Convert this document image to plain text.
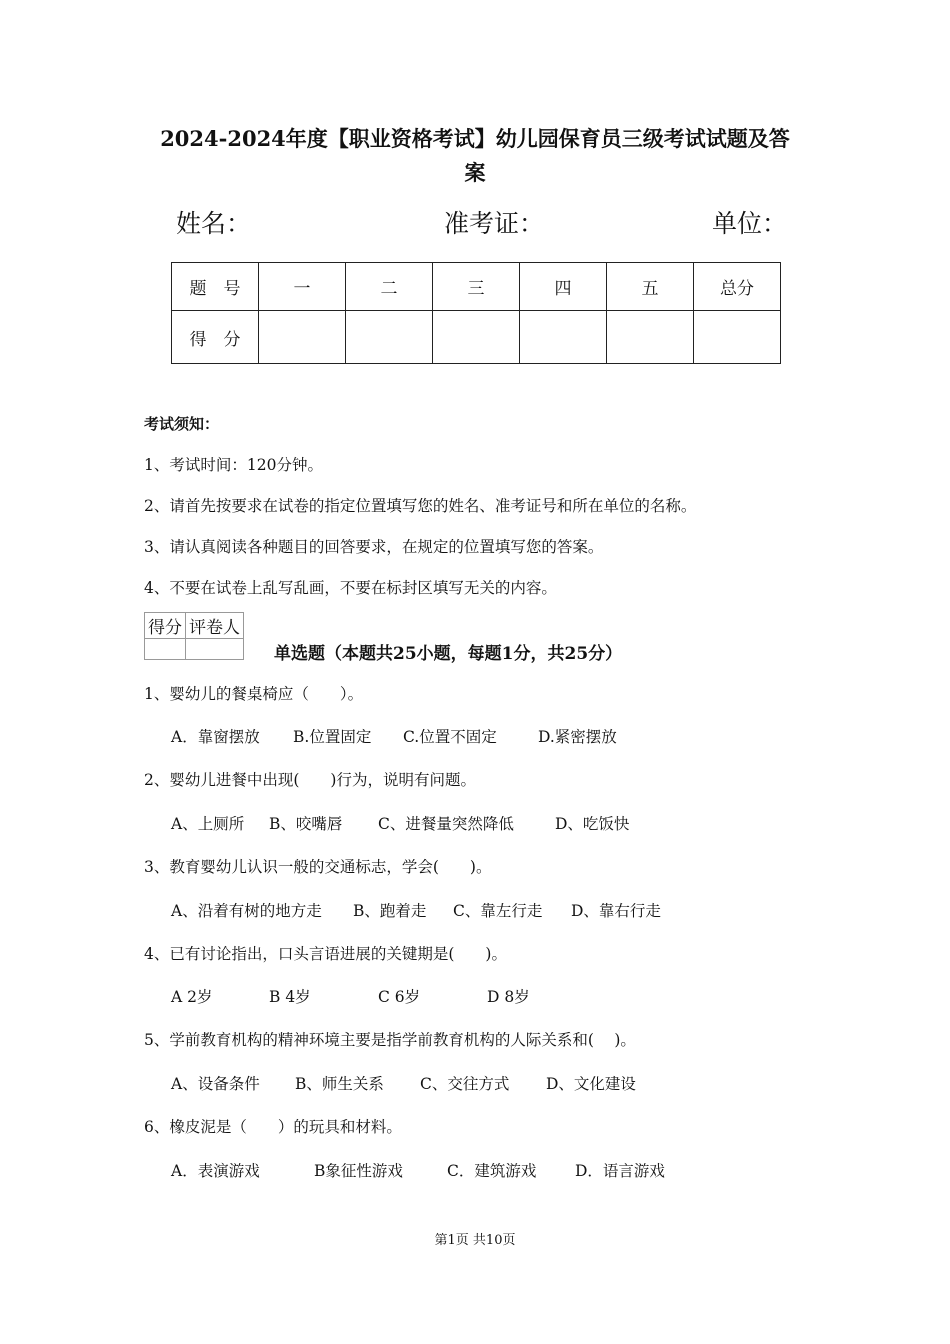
2024-2024年度【职业资格考试】幼儿园保育员三级考试试题及答
案
姓名：	准考证：	单位：
题　号	一	二	三	四	五	总分
得　分						
考试须知：
1、考试时间：120分钟。
2、请首先按要求在试卷的指定位置填写您的姓名、准考证号和所在单位的名称。
3、请认真阅读各种题目的回答要求，在规定的位置填写您的答案。
4、不要在试卷上乱写乱画，不要在标封区填写无关的内容。
得分	评卷人

单选题（本题共25小题，每题1分，共25分）
1、婴幼儿的餐桌椅应（　　）。
A．靠窗摆放 B.位置固定 C.位置不固定	D.紧密摆放
2、婴幼儿进餐中出现(　　)行为，说明有问题。
A、上厕所 B、咬嘴唇 C、进餐量突然降低	D、吃饭快
3、教育婴幼儿认识一般的交通标志，学会(　　)。
A、沿着有树的地方走 B、跑着走 C、靠左行走 D、靠右行走
4、已有讨论指出，口头言语进展的关键期是(　　)。
A 2岁	B 4岁	C 6岁	D 8岁
5、学前教育机构的精神环境主要是指学前教育机构的人际关系和(　 )。
A、设备条件 B、师生关系 C、交往方式 D、文化建设
6、橡皮泥是（　　）的玩具和材料。
A．表演游戏	B象征性游戏	C．建筑游戏 D．语言游戏
第1页 共10页
